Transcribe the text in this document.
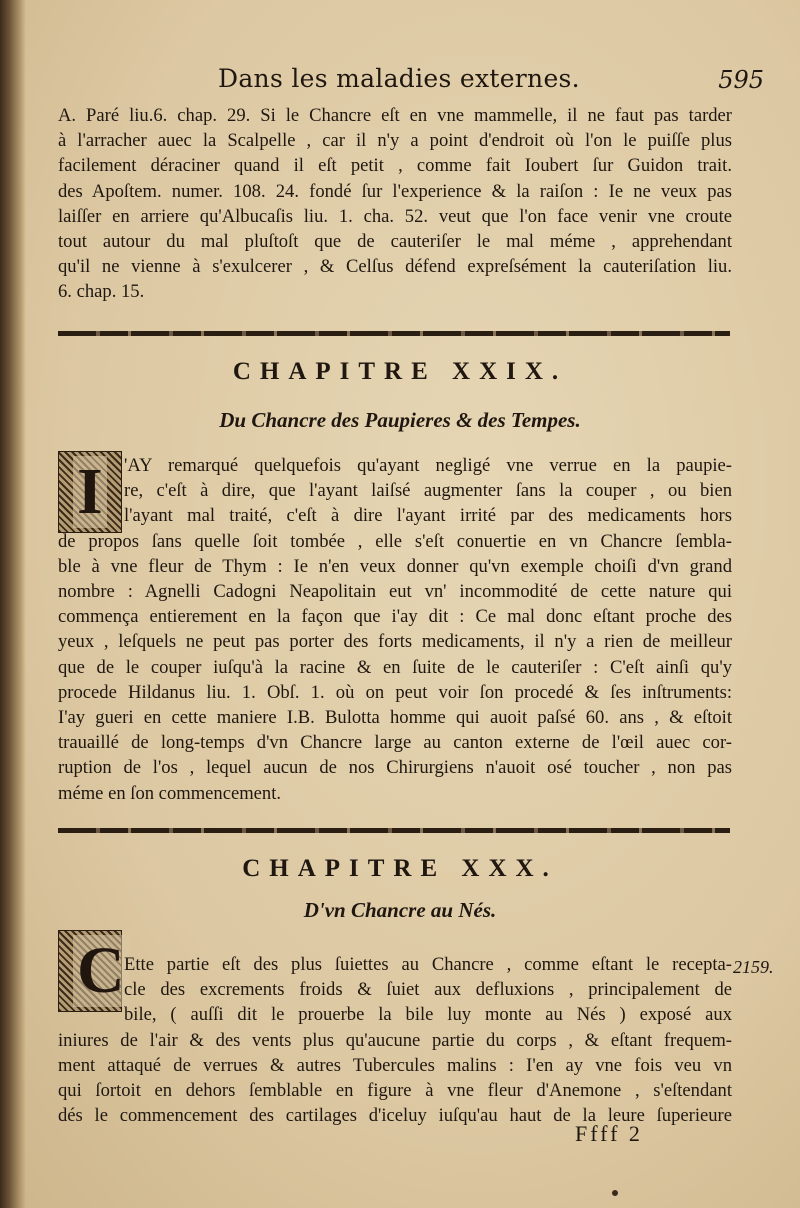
Dans les maladies externes.	595
A. Paré liu.6. chap. 29. Si le Chancre eſt en vne mammelle, il ne faut pas tarder
à l'arracher auec la Scalpelle , car il n'y a point d'endroit où l'on le puiſſe plus
facilement déraciner quand il eſt petit , comme fait Ioubert ſur Guidon trait.
des Apoſtem. numer. 108. 24. fondé ſur l'experience & la raiſon : Ie ne veux pas
laiſſer en arriere qu'Albucaſis liu. 1. cha. 52. veut que l'on face venir vne croute
tout autour du mal pluſtoſt que de cauteriſer le mal méme , apprehendant
qu'il ne vienne à s'exulcerer , & Celſus défend expreſsément la cauteriſation liu.
6. chap. 15.
CHAPITRE XXIX.
Du Chancre des Paupieres & des Tempes.
I	'AY remarqué quelquefois qu'ayant negligé vne verrue en la paupie-
re, c'eſt à dire, que l'ayant laiſsé augmenter ſans la couper , ou bien
l'ayant mal traité, c'eſt à dire l'ayant irrité par des medicaments hors
de propos ſans quelle ſoit tombée , elle s'eſt conuertie en vn Chancre ſembla-
ble à vne fleur de Thym : Ie n'en veux donner qu'vn exemple choiſi d'vn grand
nombre : Agnelli Cadogni Neapolitain eut vn' incommodité de cette nature qui
commença entierement en la façon que i'ay dit : Ce mal donc eſtant proche des
yeux , leſquels ne peut pas porter des forts medicaments, il n'y a rien de meilleur
que de le couper iuſqu'à la racine & en ſuite de le cauteriſer : C'eſt ainſi qu'y
procede Hildanus liu. 1. Obſ. 1. où on peut voir ſon procedé & ſes inſtruments:
I'ay gueri en cette maniere I.B. Bulotta homme qui auoit paſsé 60. ans , & eſtoit
trauaillé de long-temps d'vn Chancre large au canton externe de l'œil auec cor-
ruption de l'os , lequel aucun de nos Chirurgiens n'auoit osé toucher , non pas
méme en ſon commencement.
CHAPITRE XXX.
D'vn Chancre au Nés.
C Ette partie eſt des plus ſuiettes au Chancre , comme eſtant le recepta-
cle des excrements froids & ſuiet aux defluxions , principalement de
bile, ( auſſi dit le prouerbe la bile luy monte au Nés ) exposé aux
iniures de l'air & des vents plus qu'aucune partie du corps , & eſtant frequem-
ment attaqué de verrues & autres Tubercules malins : I'en ay vne fois veu vn
qui ſortoit en dehors ſemblable en figure à vne fleur d'Anemone , s'eſtendant
dés le commencement des cartilages d'iceluy iuſqu'au haut de la leure ſuperieure
2159.
Ffff 2
